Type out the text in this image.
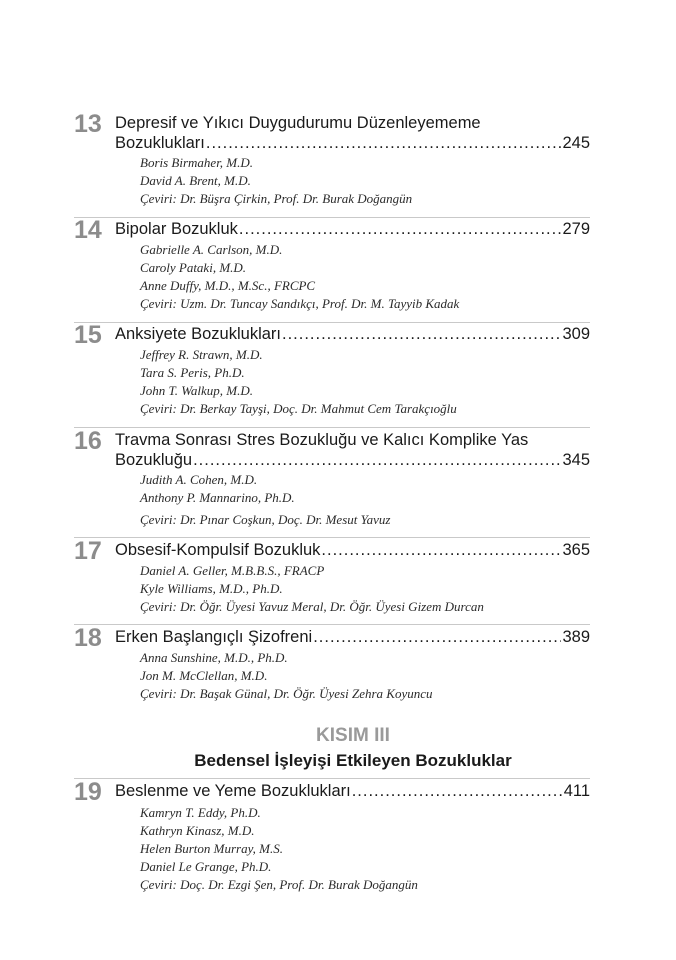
13 Depresif ve Yıkıcı Duygudurumu Düzenleyememe
Bozuklukları .....	245
Boris Birmaher, M.D.
David A. Brent, M.D.
Çeviri: Dr. Büşra Çirkin, Prof. Dr. Burak Doğangün
14 Bipolar Bozukluk .....	279
Gabrielle A. Carlson, M.D.
Caroly Pataki, M.D.
Anne Duffy, M.D., M.Sc., FRCPC
Çeviri: Uzm. Dr. Tuncay Sandıkçı, Prof. Dr. M. Tayyib Kadak
15 Anksiyete Bozuklukları .....	309
Jeffrey R. Strawn, M.D.
Tara S. Peris, Ph.D.
John T. Walkup, M.D.
Çeviri: Dr. Berkay Tayşi, Doç. Dr. Mahmut Cem Tarakçıoğlu
16 Travma Sonrası Stres Bozukluğu ve Kalıcı Komplike Yas
Bozukluğu .....	345
Judith A. Cohen, M.D.
Anthony P. Mannarino, Ph.D.
Çeviri: Dr. Pınar Coşkun, Doç. Dr. Mesut Yavuz
17 Obsesif-Kompulsif Bozukluk .....	365
Daniel A. Geller, M.B.B.S., FRACP
Kyle Williams, M.D., Ph.D.
Çeviri: Dr. Öğr. Üyesi Yavuz Meral, Dr. Öğr. Üyesi Gizem Durcan
18 Erken Başlangıçlı Şizofreni .....	389
Anna Sunshine, M.D., Ph.D.
Jon M. McClellan, M.D.
Çeviri: Dr. Başak Günal, Dr. Öğr. Üyesi Zehra Koyuncu
KISIM III
Bedensel İşleyişi Etkileyen Bozukluklar
19 Beslenme ve Yeme Bozuklukları .....	411
Kamryn T. Eddy, Ph.D.
Kathryn Kinasz, M.D.
Helen Burton Murray, M.S.
Daniel Le Grange, Ph.D.
Çeviri: Doç. Dr. Ezgi Şen, Prof. Dr. Burak Doğangün
